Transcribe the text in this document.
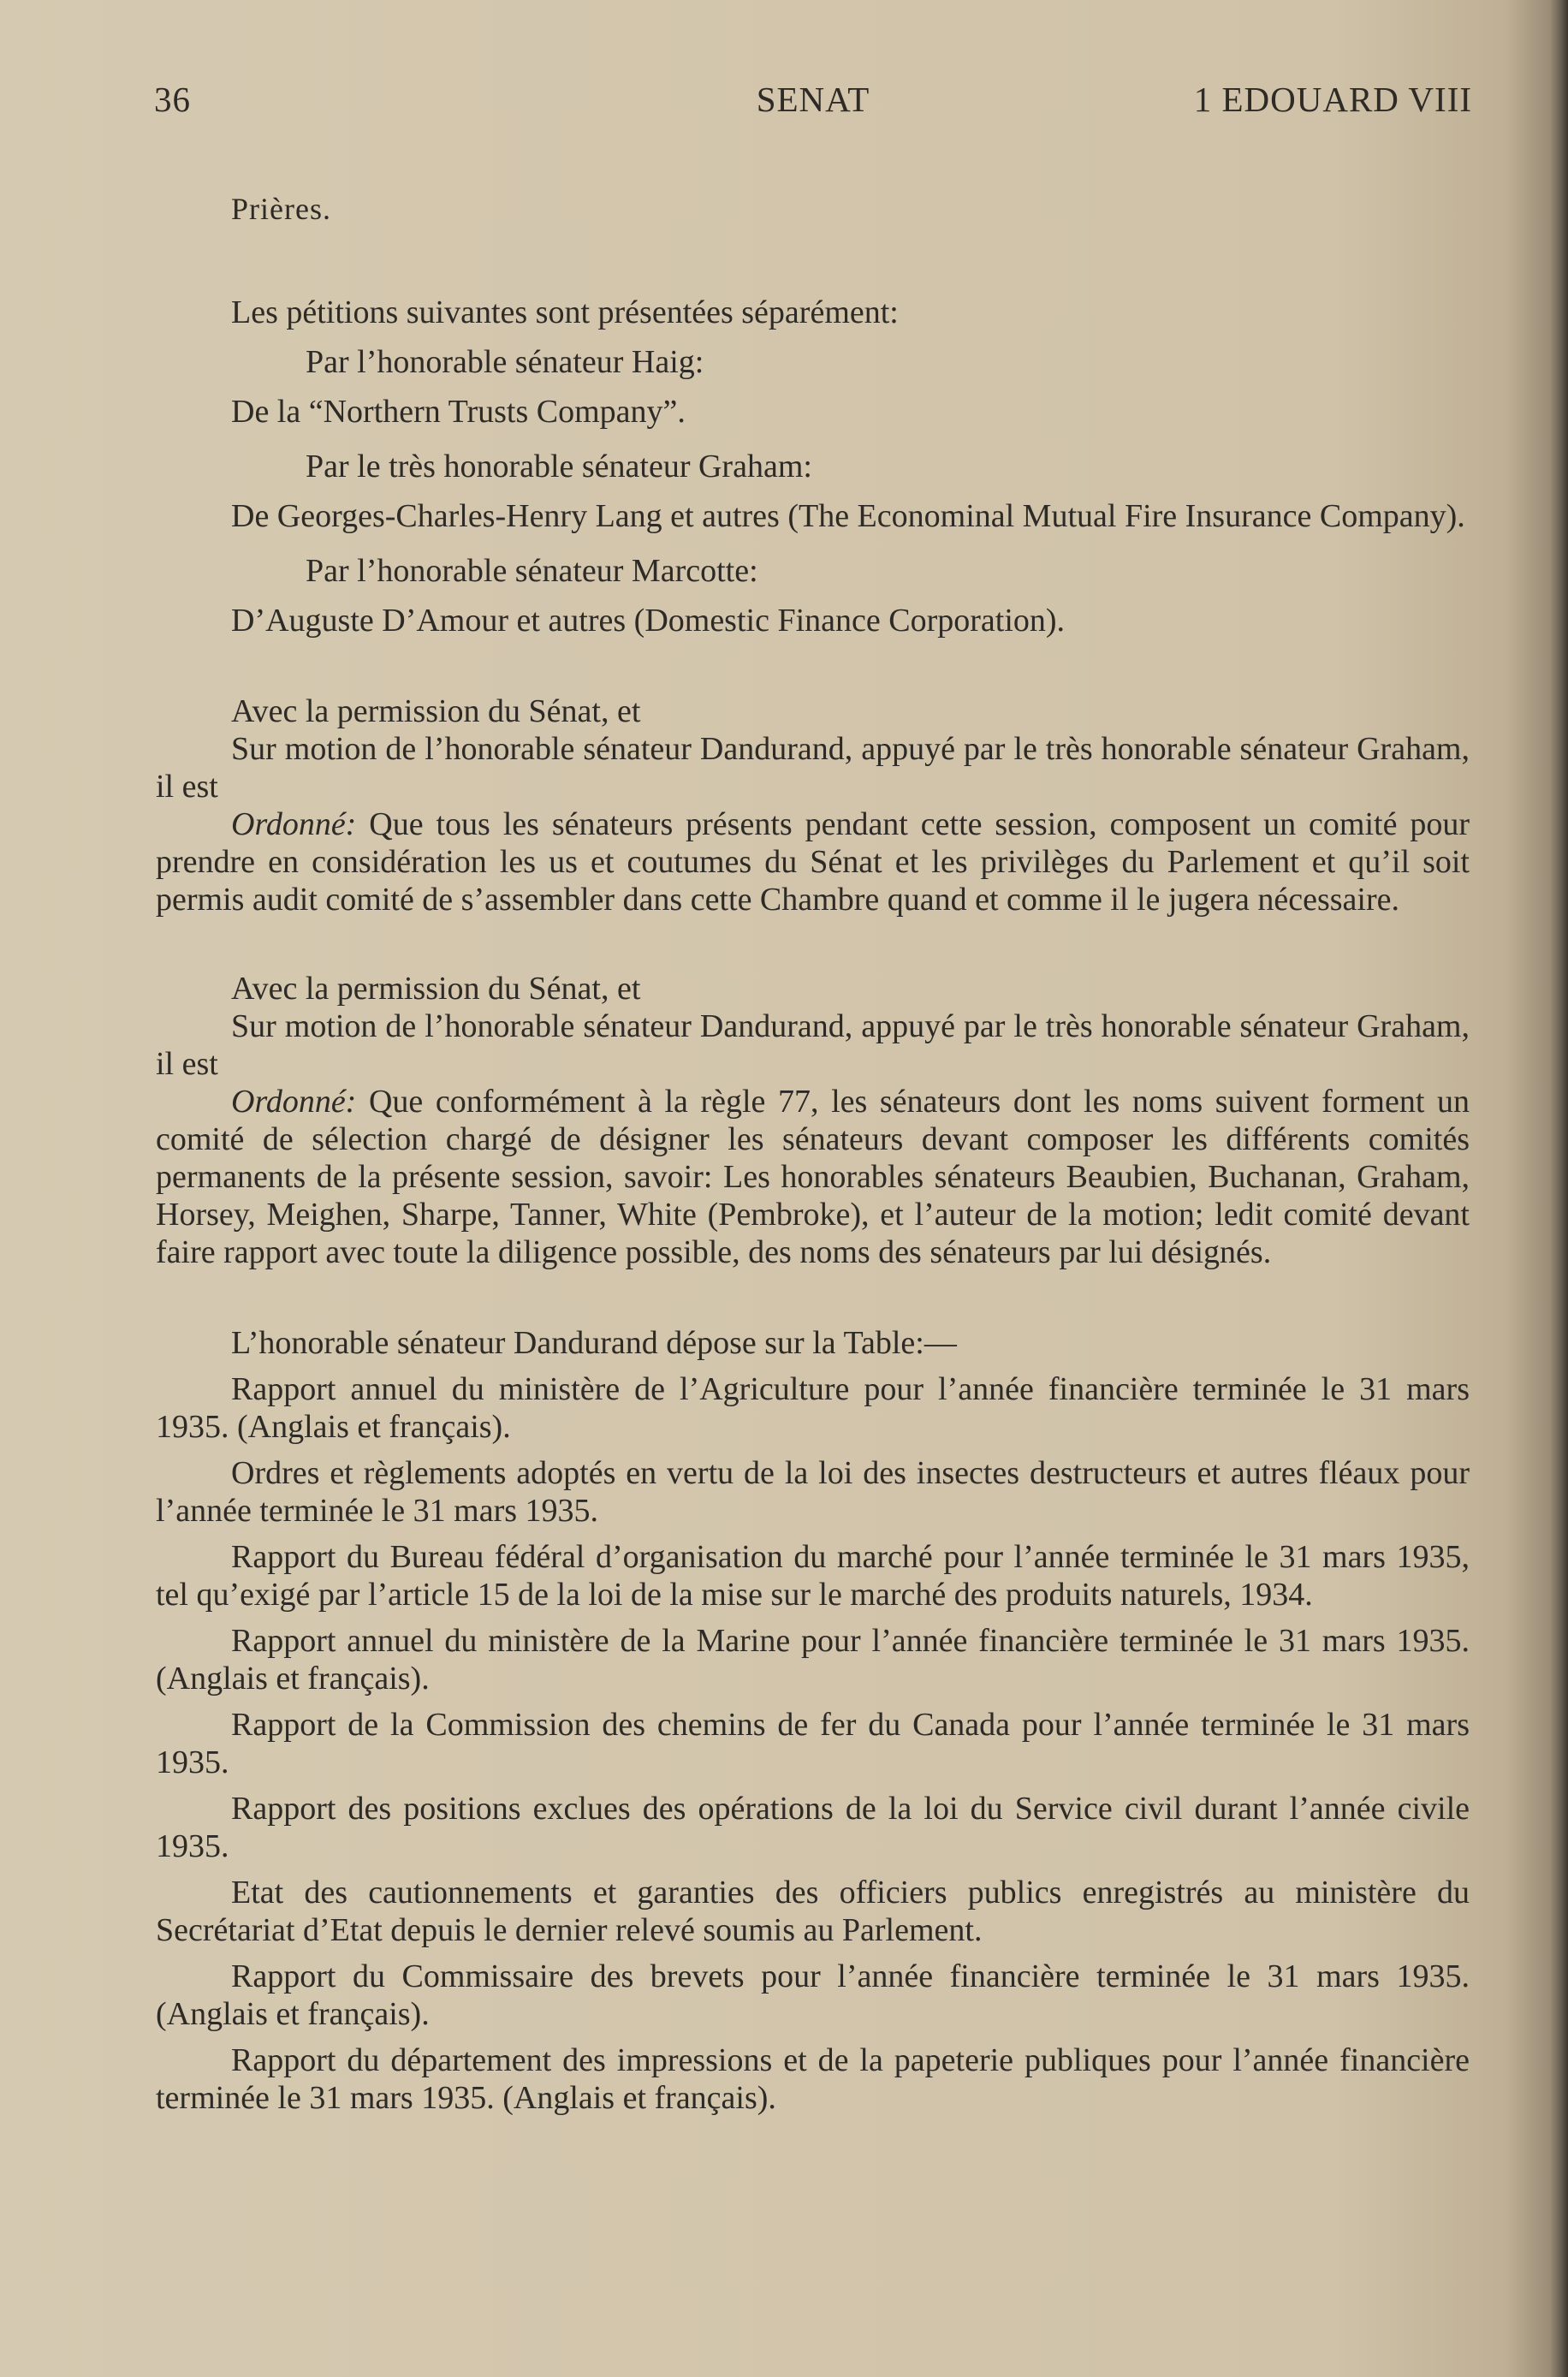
36	SENAT	1 EDOUARD VIII
Prières.

Les pétitions suivantes sont présentées séparément:

Par l’honorable sénateur Haig:

De la “Northern Trusts Company”.

Par le très honorable sénateur Graham:

De Georges-Charles-Henry Lang et autres (The Econominal Mutual Fire Insurance Company).

Par l’honorable sénateur Marcotte:

D’Auguste D’Amour et autres (Domestic Finance Corporation).

Avec la permission du Sénat, et

Sur motion de l’honorable sénateur Dandurand, appuyé par le très honorable sénateur Graham, il est

Ordonné: Que tous les sénateurs présents pendant cette session, composent un comité pour prendre en considération les us et coutumes du Sénat et les privilèges du Parlement et qu’il soit permis audit comité de s’assembler dans cette Chambre quand et comme il le jugera nécessaire.

Avec la permission du Sénat, et

Sur motion de l’honorable sénateur Dandurand, appuyé par le très honorable sénateur Graham, il est

Ordonné: Que conformément à la règle 77, les sénateurs dont les noms suivent forment un comité de sélection chargé de désigner les sénateurs devant composer les différents comités permanents de la présente session, savoir: Les honorables sénateurs Beaubien, Buchanan, Graham, Horsey, Meighen, Sharpe, Tanner, White (Pembroke), et l’auteur de la motion; ledit comité devant faire rapport avec toute la diligence possible, des noms des sénateurs par lui désignés.

L’honorable sénateur Dandurand dépose sur la Table:—

Rapport annuel du ministère de l’Agriculture pour l’année financière terminée le 31 mars 1935. (Anglais et français).

Ordres et règlements adoptés en vertu de la loi des insectes destructeurs et autres fléaux pour l’année terminée le 31 mars 1935.

Rapport du Bureau fédéral d’organisation du marché pour l’année terminée le 31 mars 1935, tel qu’exigé par l’article 15 de la loi de la mise sur le marché des produits naturels, 1934.

Rapport annuel du ministère de la Marine pour l’année financière terminée le 31 mars 1935. (Anglais et français).

Rapport de la Commission des chemins de fer du Canada pour l’année terminée le 31 mars 1935.

Rapport des positions exclues des opérations de la loi du Service civil durant l’année civile 1935.

Etat des cautionnements et garanties des officiers publics enregistrés au ministère du Secrétariat d’Etat depuis le dernier relevé soumis au Parlement.

Rapport du Commissaire des brevets pour l’année financière terminée le 31 mars 1935. (Anglais et français).

Rapport du département des impressions et de la papeterie publiques pour l’année financière terminée le 31 mars 1935. (Anglais et français).
